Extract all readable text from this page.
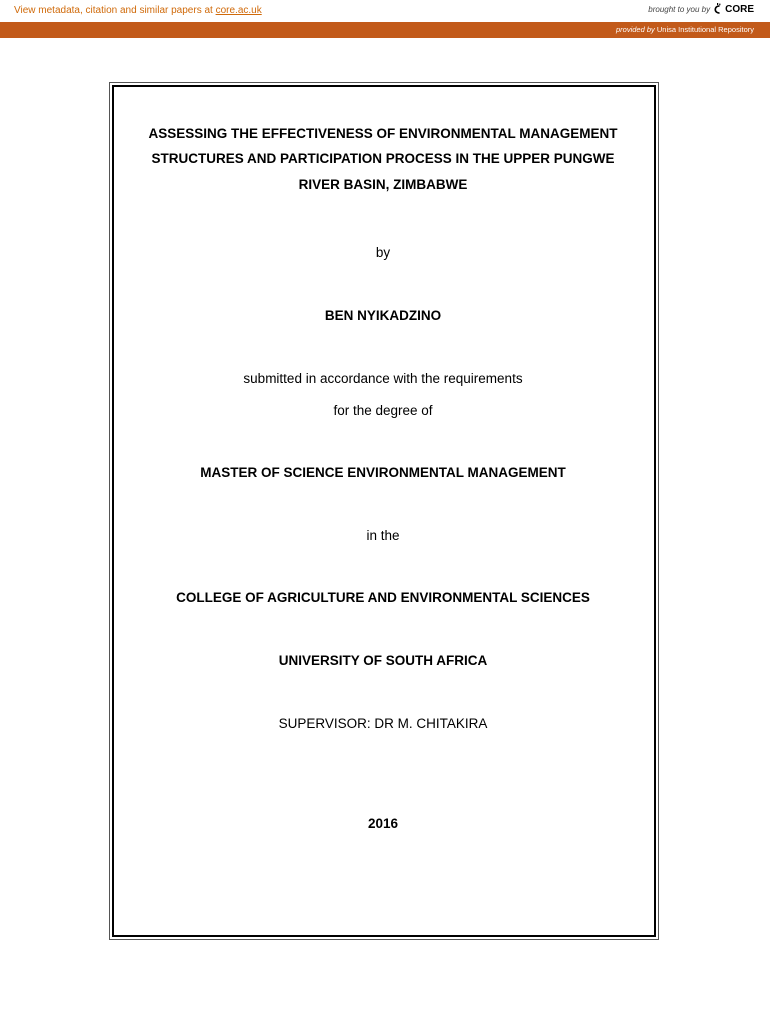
View metadata, citation and similar papers at core.ac.uk	brought to you by CORE
provided by Unisa Institutional Repository
ASSESSING THE EFFECTIVENESS OF ENVIRONMENTAL MANAGEMENT
STRUCTURES AND PARTICIPATION PROCESS IN THE UPPER PUNGWE
RIVER BASIN, ZIMBABWE
by
BEN NYIKADZINO
submitted in accordance with the requirements
for the degree of
MASTER OF SCIENCE ENVIRONMENTAL MANAGEMENT
in the
COLLEGE OF AGRICULTURE AND ENVIRONMENTAL SCIENCES
UNIVERSITY OF SOUTH AFRICA
SUPERVISOR: DR M. CHITAKIRA
2016
